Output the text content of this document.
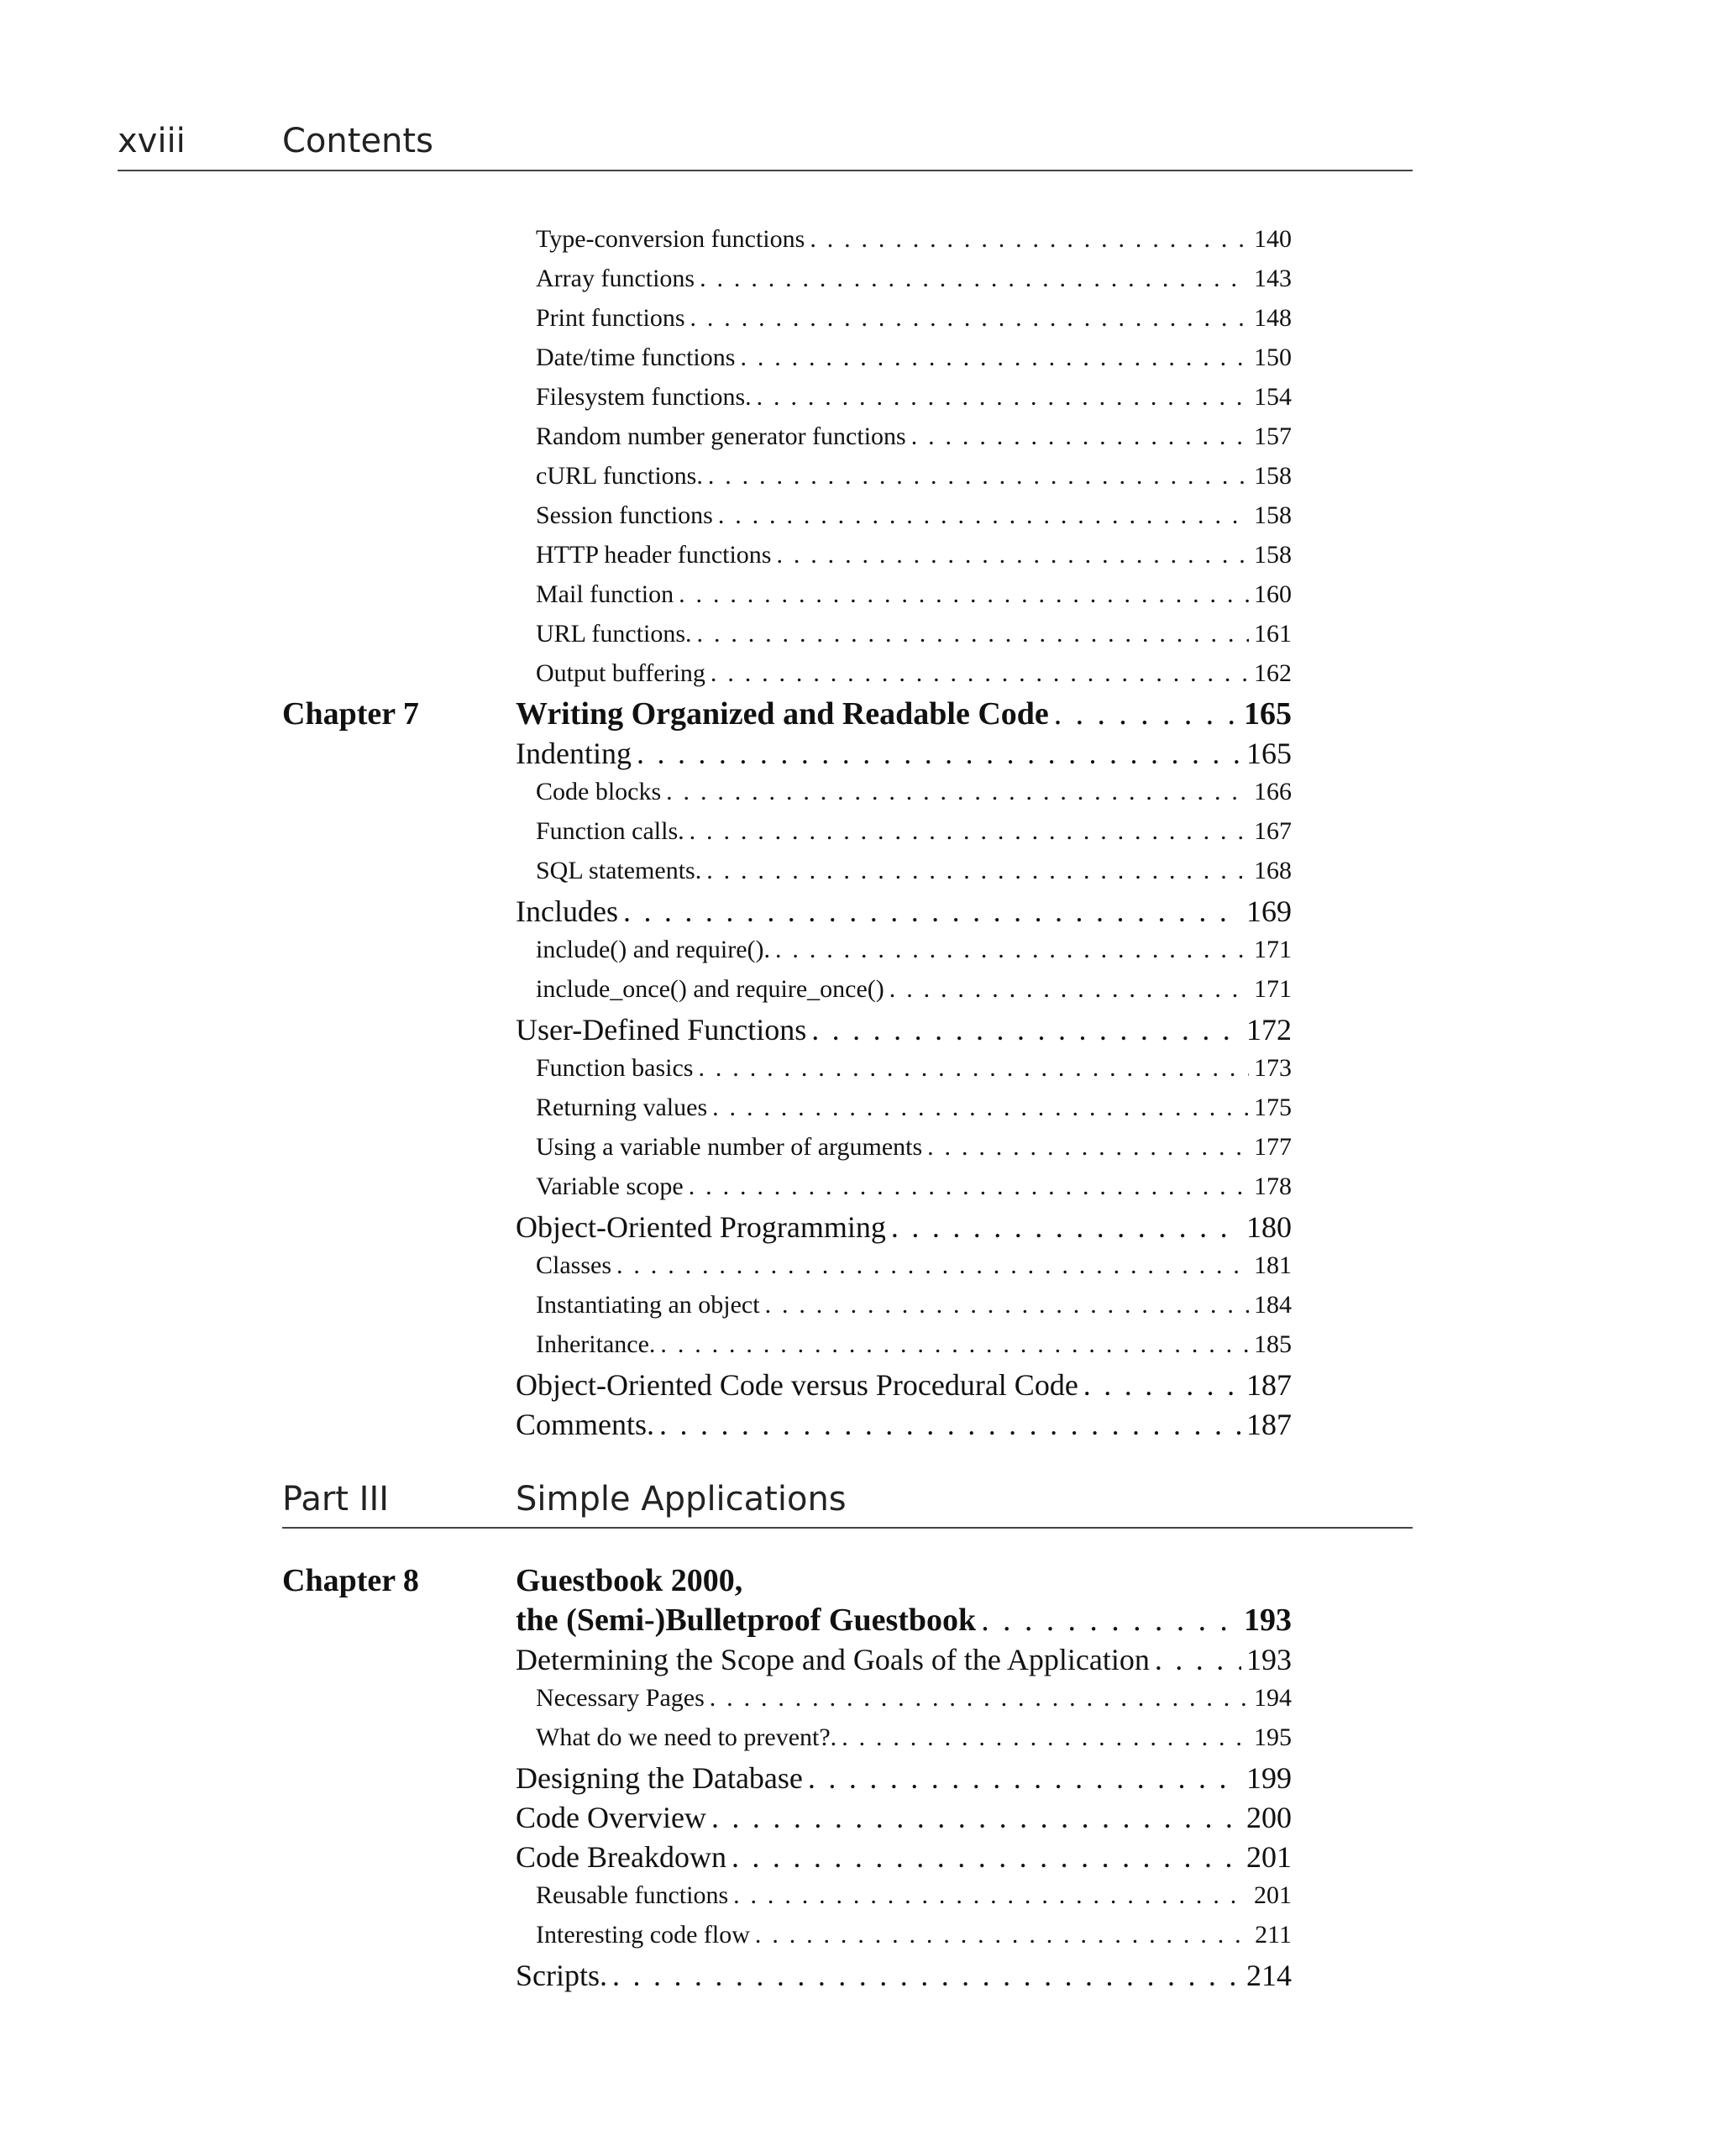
xviii	Contents
Type-conversion functions . . .	140
Array functions . . .	143
Print functions . . .	148
Date/time functions . . .	150
Filesystem functions. . . .	154
Random number generator functions . . .	157
cURL functions. . . .	158
Session functions . . .	158
HTTP header functions . . .	158
Mail function . . .	160
URL functions. . . .	161
Output buffering . . .	162
Chapter 7	Writing Organized and Readable Code . . .	165
Indenting . . .	165
Code blocks . . .	166
Function calls. . . .	167
SQL statements. . . .	168
Includes . . .	169
include() and require(). . . .	171
include_once() and require_once() . . .	171
User-Defined Functions . . .	172
Function basics . . .	173
Returning values . . .	175
Using a variable number of arguments . . .	177
Variable scope . . .	178
Object-Oriented Programming . . .	180
Classes . . .	181
Instantiating an object . . .	184
Inheritance. . . .	185
Object-Oriented Code versus Procedural Code . . .	187
Comments. . . .	187
Part III	Simple Applications
Chapter 8	Guestbook 2000,
the (Semi-)Bulletproof Guestbook . . .	193
Determining the Scope and Goals of the Application . . .	193
Necessary Pages . . .	194
What do we need to prevent?. . . .	195
Designing the Database . . .	199
Code Overview . . .	200
Code Breakdown . . .	201
Reusable functions . . .	201
Interesting code flow . . .	211
Scripts. . . .	214
